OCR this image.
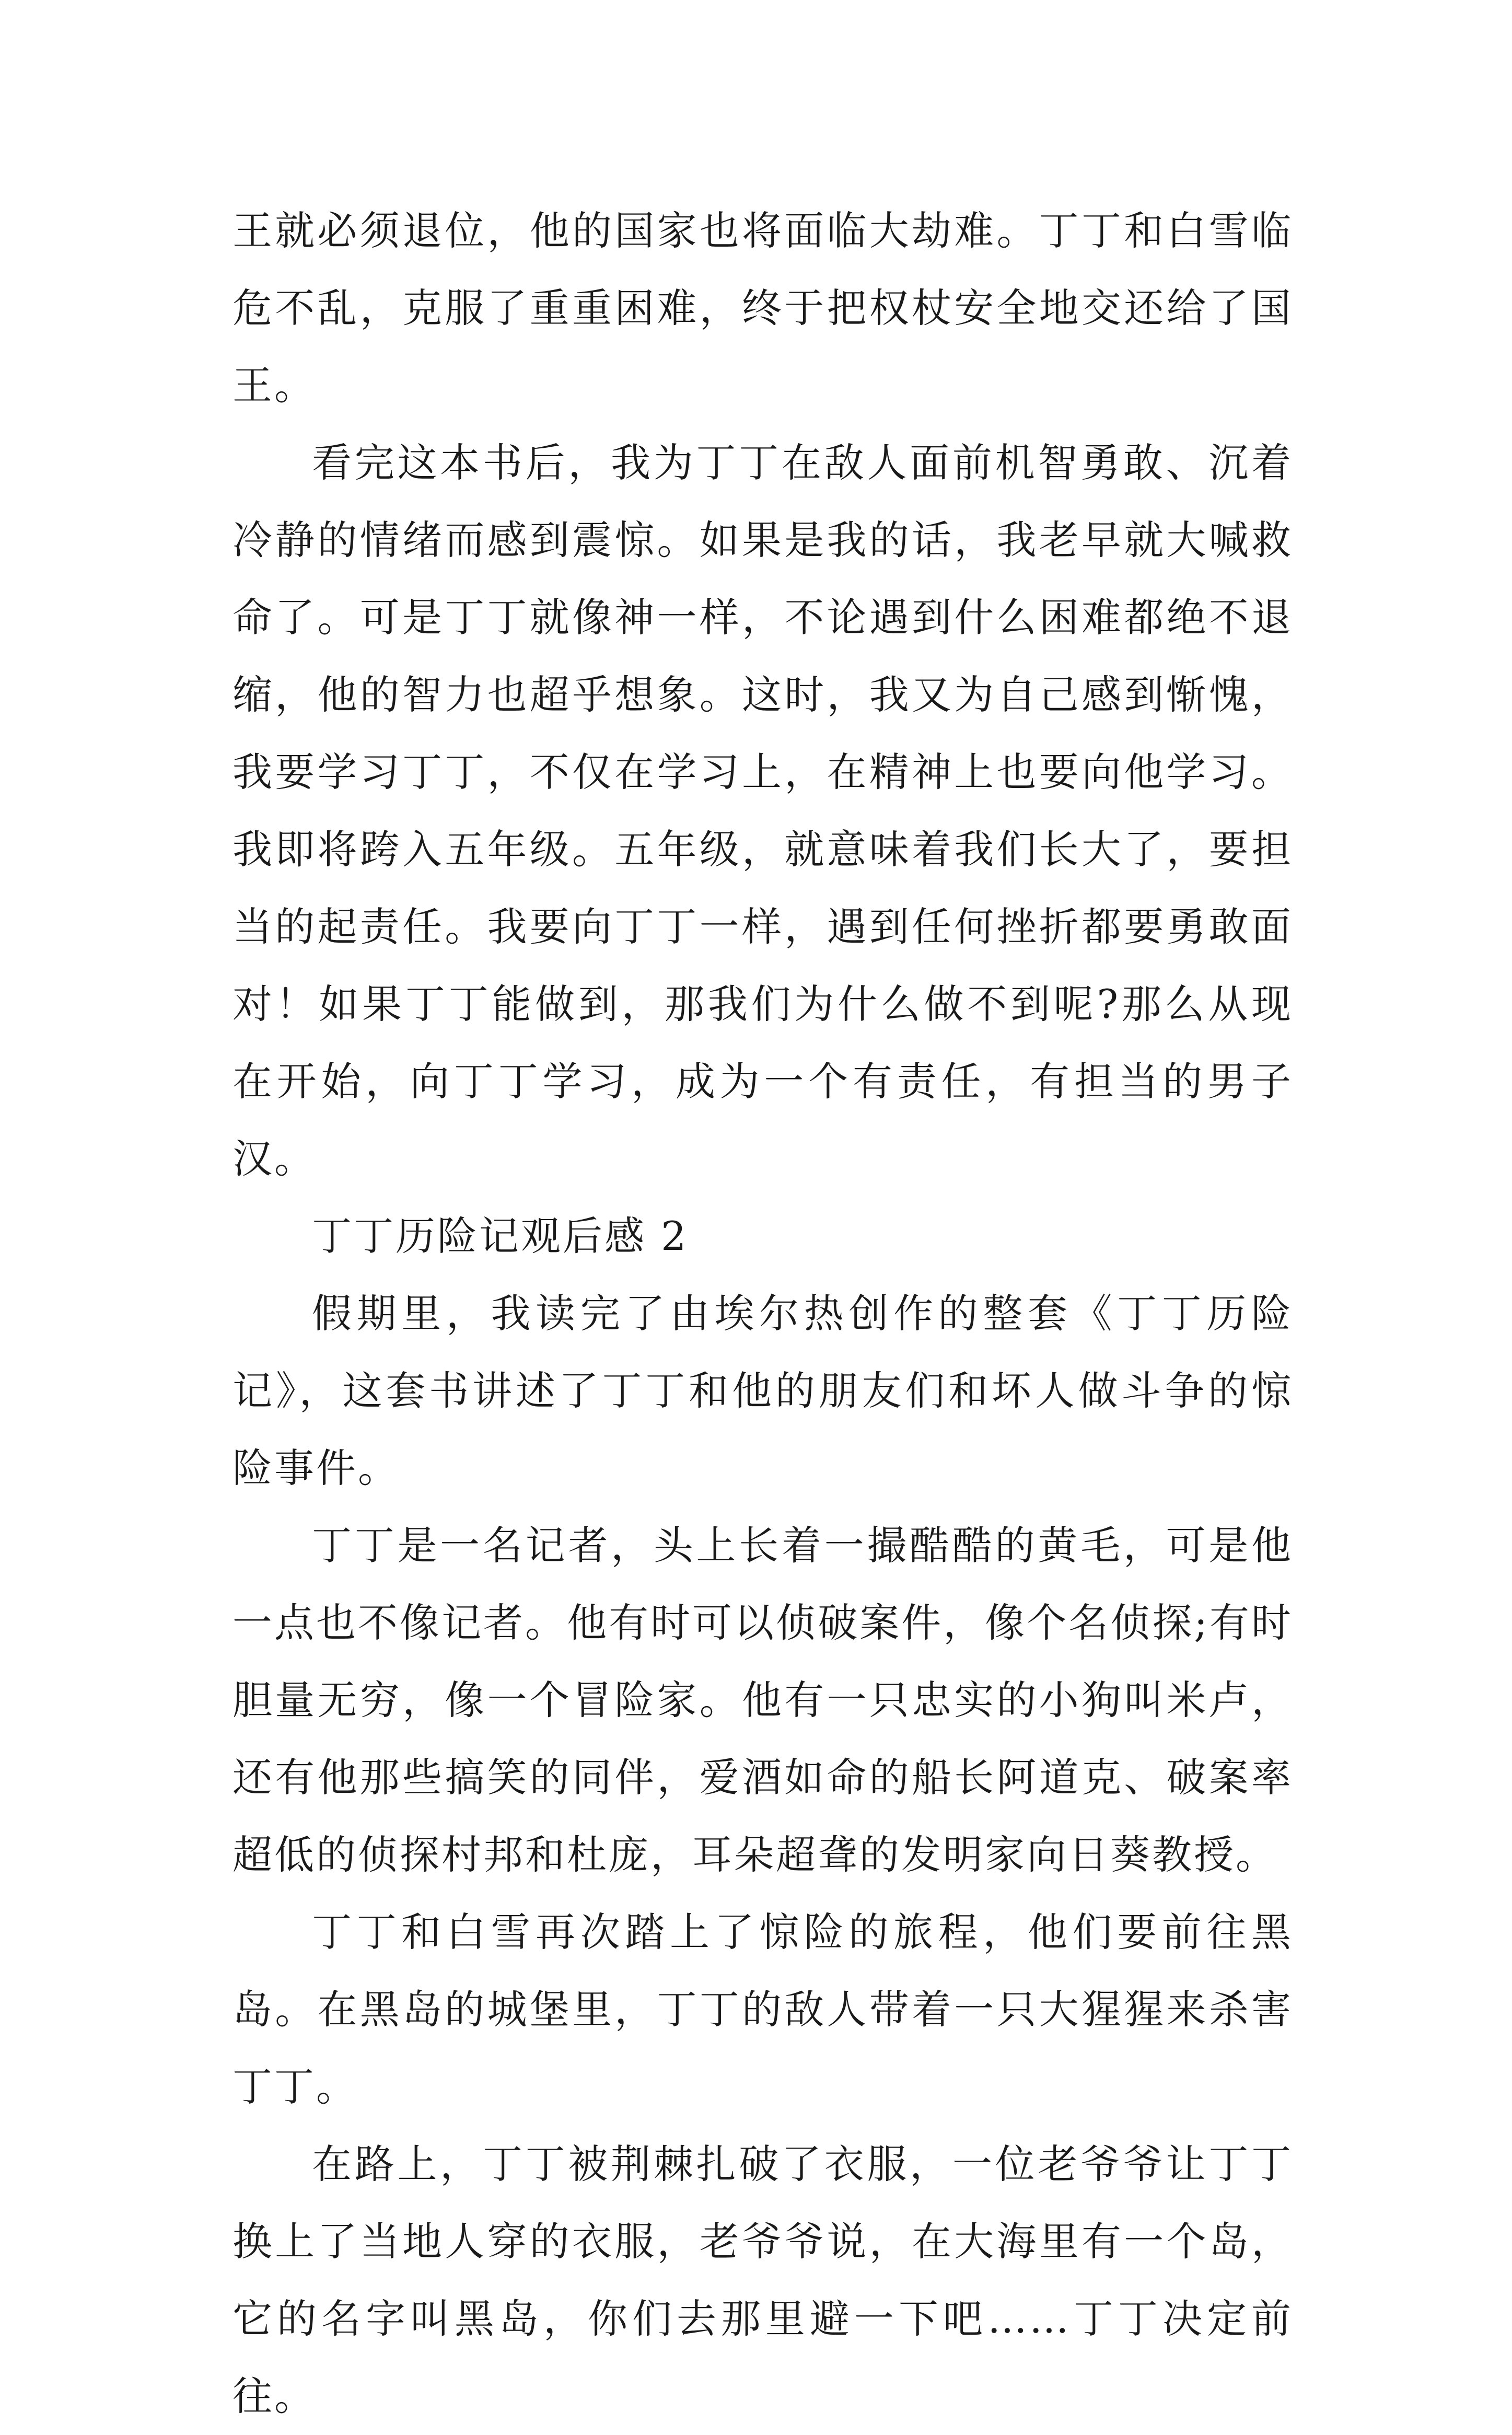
王就必须退位，他的国家也将面临大劫难。丁丁和白雪临危不乱，克服了重重困难，终于把权杖安全地交还给了国王。

看完这本书后，我为丁丁在敌人面前机智勇敢、沉着冷静的情绪而感到震惊。如果是我的话，我老早就大喊救命了。可是丁丁就像神一样，不论遇到什么困难都绝不退缩，他的智力也超乎想象。这时，我又为自己感到惭愧，我要学习丁丁，不仅在学习上，在精神上也要向他学习。我即将跨入五年级。五年级，就意味着我们长大了，要担当的起责任。我要向丁丁一样，遇到任何挫折都要勇敢面对！如果丁丁能做到，那我们为什么做不到呢?那么从现在开始，向丁丁学习，成为一个有责任，有担当的男子汉。

丁丁历险记观后感 2

假期里，我读完了由埃尔热创作的整套《丁丁历险记》，这套书讲述了丁丁和他的朋友们和坏人做斗争的惊险事件。

丁丁是一名记者，头上长着一撮酷酷的黄毛，可是他一点也不像记者。他有时可以侦破案件，像个名侦探;有时胆量无穷，像一个冒险家。他有一只忠实的小狗叫米卢，还有他那些搞笑的同伴，爱酒如命的船长阿道克、破案率超低的侦探村邦和杜庞，耳朵超聋的发明家向日葵教授。

丁丁和白雪再次踏上了惊险的旅程，他们要前往黑岛。在黑岛的城堡里，丁丁的敌人带着一只大猩猩来杀害丁丁。

在路上，丁丁被荆棘扎破了衣服，一位老爷爷让丁丁换上了当地人穿的衣服，老爷爷说，在大海里有一个岛，它的名字叫黑岛，你们去那里避一下吧……丁丁决定前往。
